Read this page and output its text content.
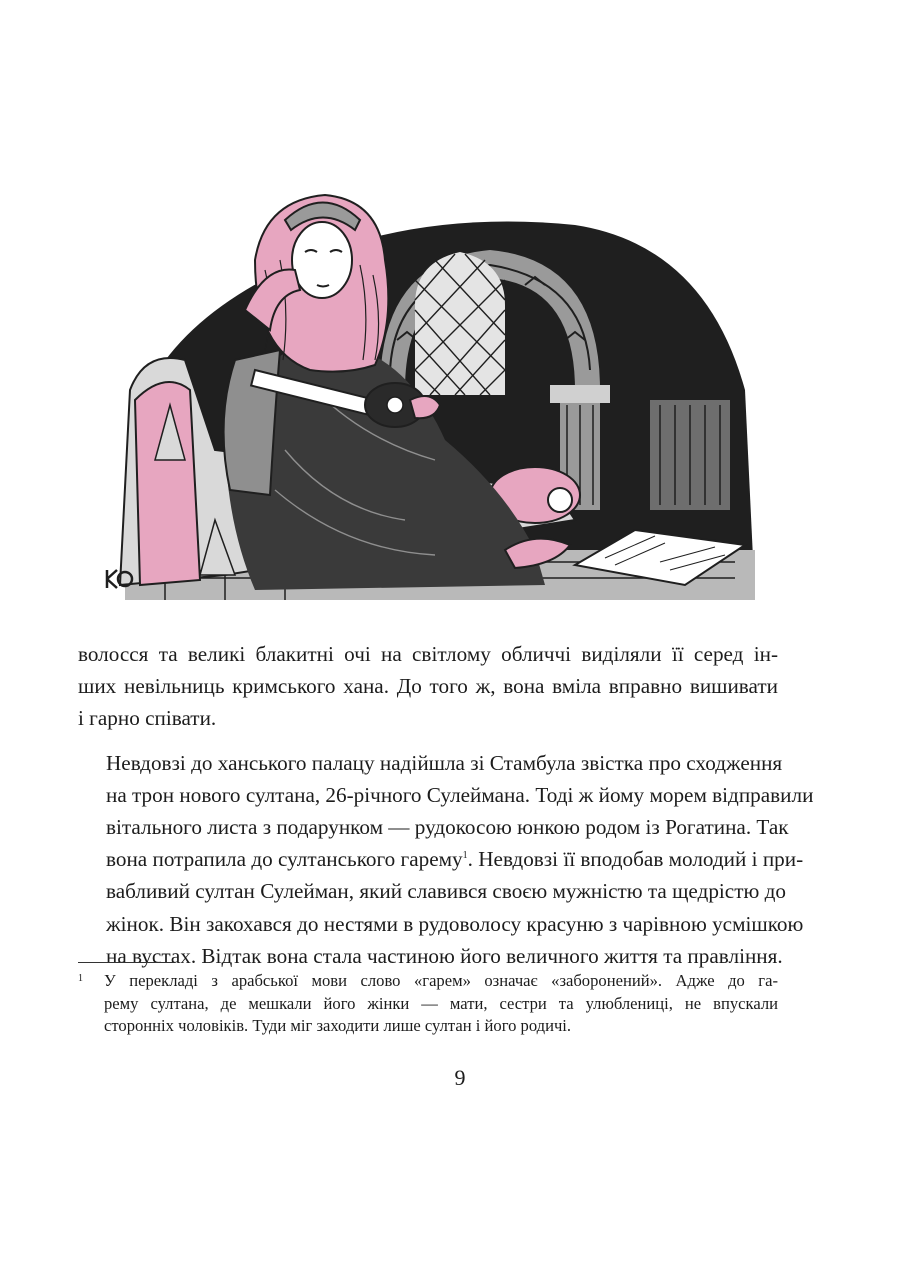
волосся та великі блакитні очі на світлому обличчі виділяли її серед ін-
ших невільниць кримського хана. До того ж, вона вміла вправно вишивати
і гарно співати.

Невдовзі до ханського палацу надійшла зі Стамбула звістка про сходження
на трон нового султана, 26-річного Сулеймана. Тоді ж йому морем відправили
вітального листа з подарунком — рудокосою юнкою родом із Рогатина. Так
вона потрапила до султанського гарему$^1$. Невдовзі її вподобав молодий і при-
вабливий султан Сулейман, який славився своєю мужністю та щедрістю до
жінок. Він закохався до нестями в рудоволосу красуню з чарівною усмішкою
на вустах. Відтак вона стала частиною його величного життя та правління.

1 У перекладі з арабської мови слово «гарем» означає «заборонений». Адже до га-
рему султана, де мешкали його жінки — мати, сестри та улюблениці, не впускали
сторонніх чоловіків. Туди міг заходити лише султан і його родичі.
9
